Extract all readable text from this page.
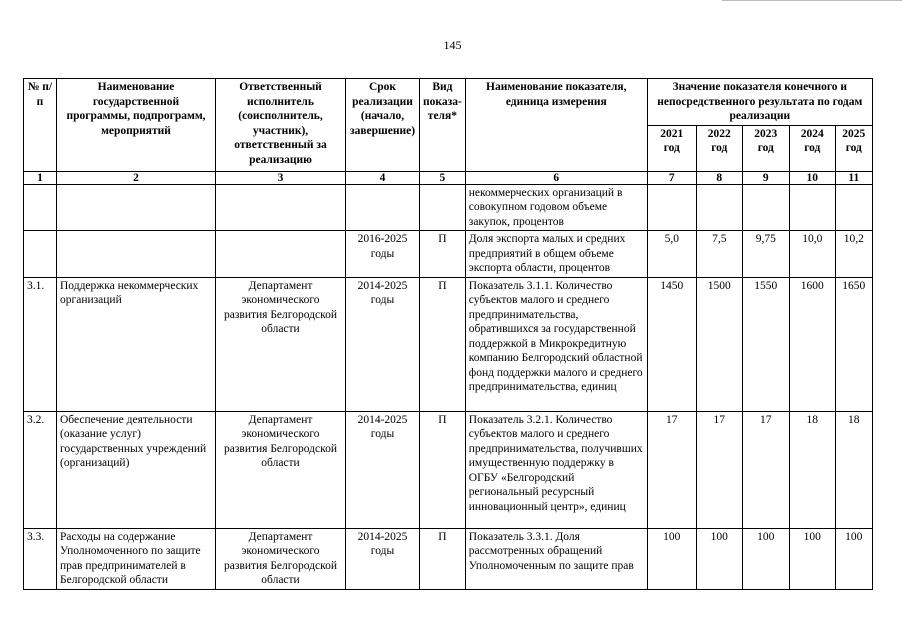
145
№ п/п	Наименование государственной программы, подпрограмм, мероприятий	Ответственный исполнитель (соисполнитель, участник), ответственный за реализацию	Срок реализации (начало, завершение)	Вид показа-теля*	Наименование показателя, единица измерения	Значение показателя конечного и непосредственного результата по годам реализации				
						2021 год	2022 год	2023 год	2024 год	2025 год
1	2	3	4	5	6	7	8	9	10	11
					некоммерческих организаций в совокупном годовом объеме закупок, процентов					
			2016-2025 годы	П	Доля экспорта малых и средних предприятий в общем объеме экспорта области, процентов	5,0	7,5	9,75	10,0	10,2
3.1.	Поддержка некоммерческих организаций	Департамент экономического развития Белгородской области	2014-2025 годы	П	Показатель 3.1.1. Количество субъектов малого и среднего предпринимательства, обратившихся за государственной поддержкой в Микрокредитную компанию Белгородский областной фонд поддержки малого и среднего предпринимательства, единиц	1450	1500	1550	1600	1650
3.2.	Обеспечение деятельности (оказание услуг) государственных учреждений (организаций)	Департамент экономического развития Белгородской области	2014-2025 годы	П	Показатель 3.2.1. Количество субъектов малого и среднего предпринимательства, получивших имущественную поддержку в ОГБУ «Белгородский региональный ресурсный инновационный центр», единиц	17	17	17	18	18
3.3.	Расходы на содержание Уполномоченного по защите прав предпринимателей в Белгородской области	Департамент экономического развития Белгородской области	2014-2025 годы	П	Показатель 3.3.1. Доля рассмотренных обращений Уполномоченным по защите прав	100	100	100	100	100
